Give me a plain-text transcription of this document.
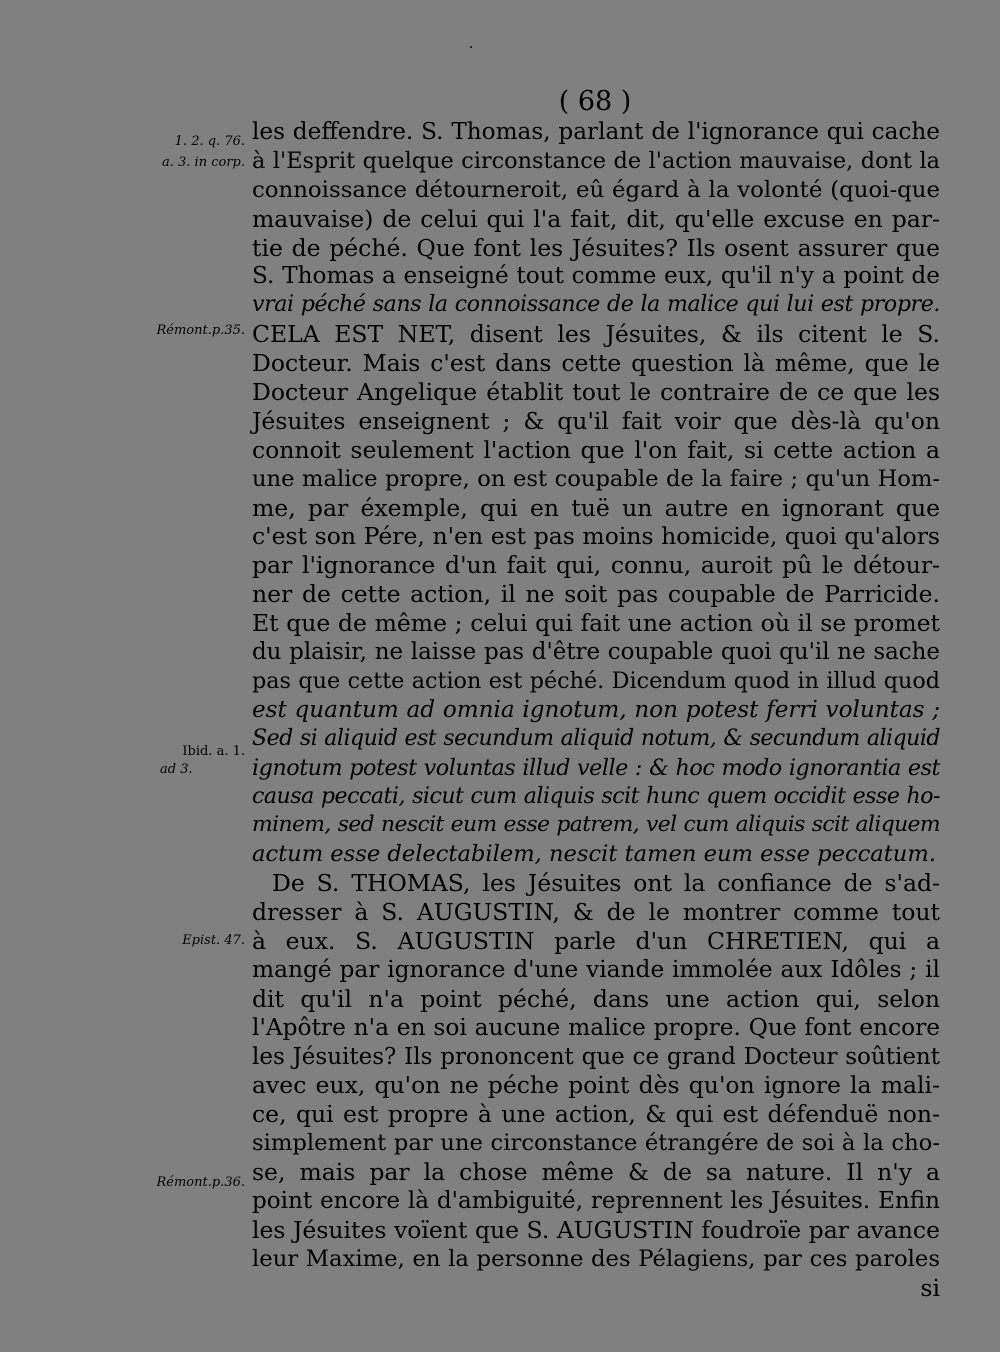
( 68 )
1. 2. q. 76.
a. 3. in corp.
Rémont.p.35.
Ibid. a. 1.
ad 3.
Epist. 47.
Rémont.p.36.
les deffendre. S. Thomas, parlant de l'ignorance qui cache
à l'Esprit quelque circonstance de l'action mauvaise, dont la
connoissance détourneroit, eû égard à la volonté (quoi-que
mauvaise) de celui qui l'a fait, dit, qu'elle excuse en par-
tie de péché. Que font les Jésuites? Ils osent assurer que
S. Thomas a enseigné tout comme eux, qu'il n'y a point de
vrai péché sans la connoissance de la malice qui lui est propre.
CELA EST NET, disent les Jésuites, & ils citent le S.
Docteur. Mais c'est dans cette question là même, que le
Docteur Angelique établit tout le contraire de ce que les
Jésuites enseignent ; & qu'il fait voir que dès-là qu'on
connoit seulement l'action que l'on fait, si cette action a
une malice propre, on est coupable de la faire ; qu'un Hom-
me, par éxemple, qui en tuë un autre en ignorant que
c'est son Pére, n'en est pas moins homicide, quoi qu'alors
par l'ignorance d'un fait qui, connu, auroit pû le détour-
ner de cette action, il ne soit pas coupable de Parricide.
Et que de même ; celui qui fait une action où il se promet
du plaisir, ne laisse pas d'être coupable quoi qu'il ne sache
pas que cette action est péché. Dicendum quod in illud quod
est quantum ad omnia ignotum, non potest ferri voluntas ;
Sed si aliquid est secundum aliquid notum, & secundum aliquid
ignotum potest voluntas illud velle : & hoc modo ignorantia est
causa peccati, sicut cum aliquis scit hunc quem occidit esse ho-
minem, sed nescit eum esse patrem, vel cum aliquis scit aliquem
actum esse delectabilem, nescit tamen eum esse peccatum.
De S. THOMAS, les Jésuites ont la confiance de s'ad-
dresser à S. AUGUSTIN, & de le montrer comme tout
à eux. S. AUGUSTIN parle d'un CHRETIEN, qui a
mangé par ignorance d'une viande immolée aux Idôles ; il
dit qu'il n'a point péché, dans une action qui, selon
l'Apôtre n'a en soi aucune malice propre. Que font encore
les Jésuites? Ils prononcent que ce grand Docteur soûtient
avec eux, qu'on ne péche point dès qu'on ignore la mali-
ce, qui est propre à une action, & qui est défenduë non-
simplement par une circonstance étrangére de soi à la cho-
se, mais par la chose même & de sa nature. Il n'y a
point encore là d'ambiguité, reprennent les Jésuites. Enfin
les Jésuites voïent que S. AUGUSTIN foudroïe par avance
leur Maxime, en la personne des Pélagiens, par ces paroles
si
